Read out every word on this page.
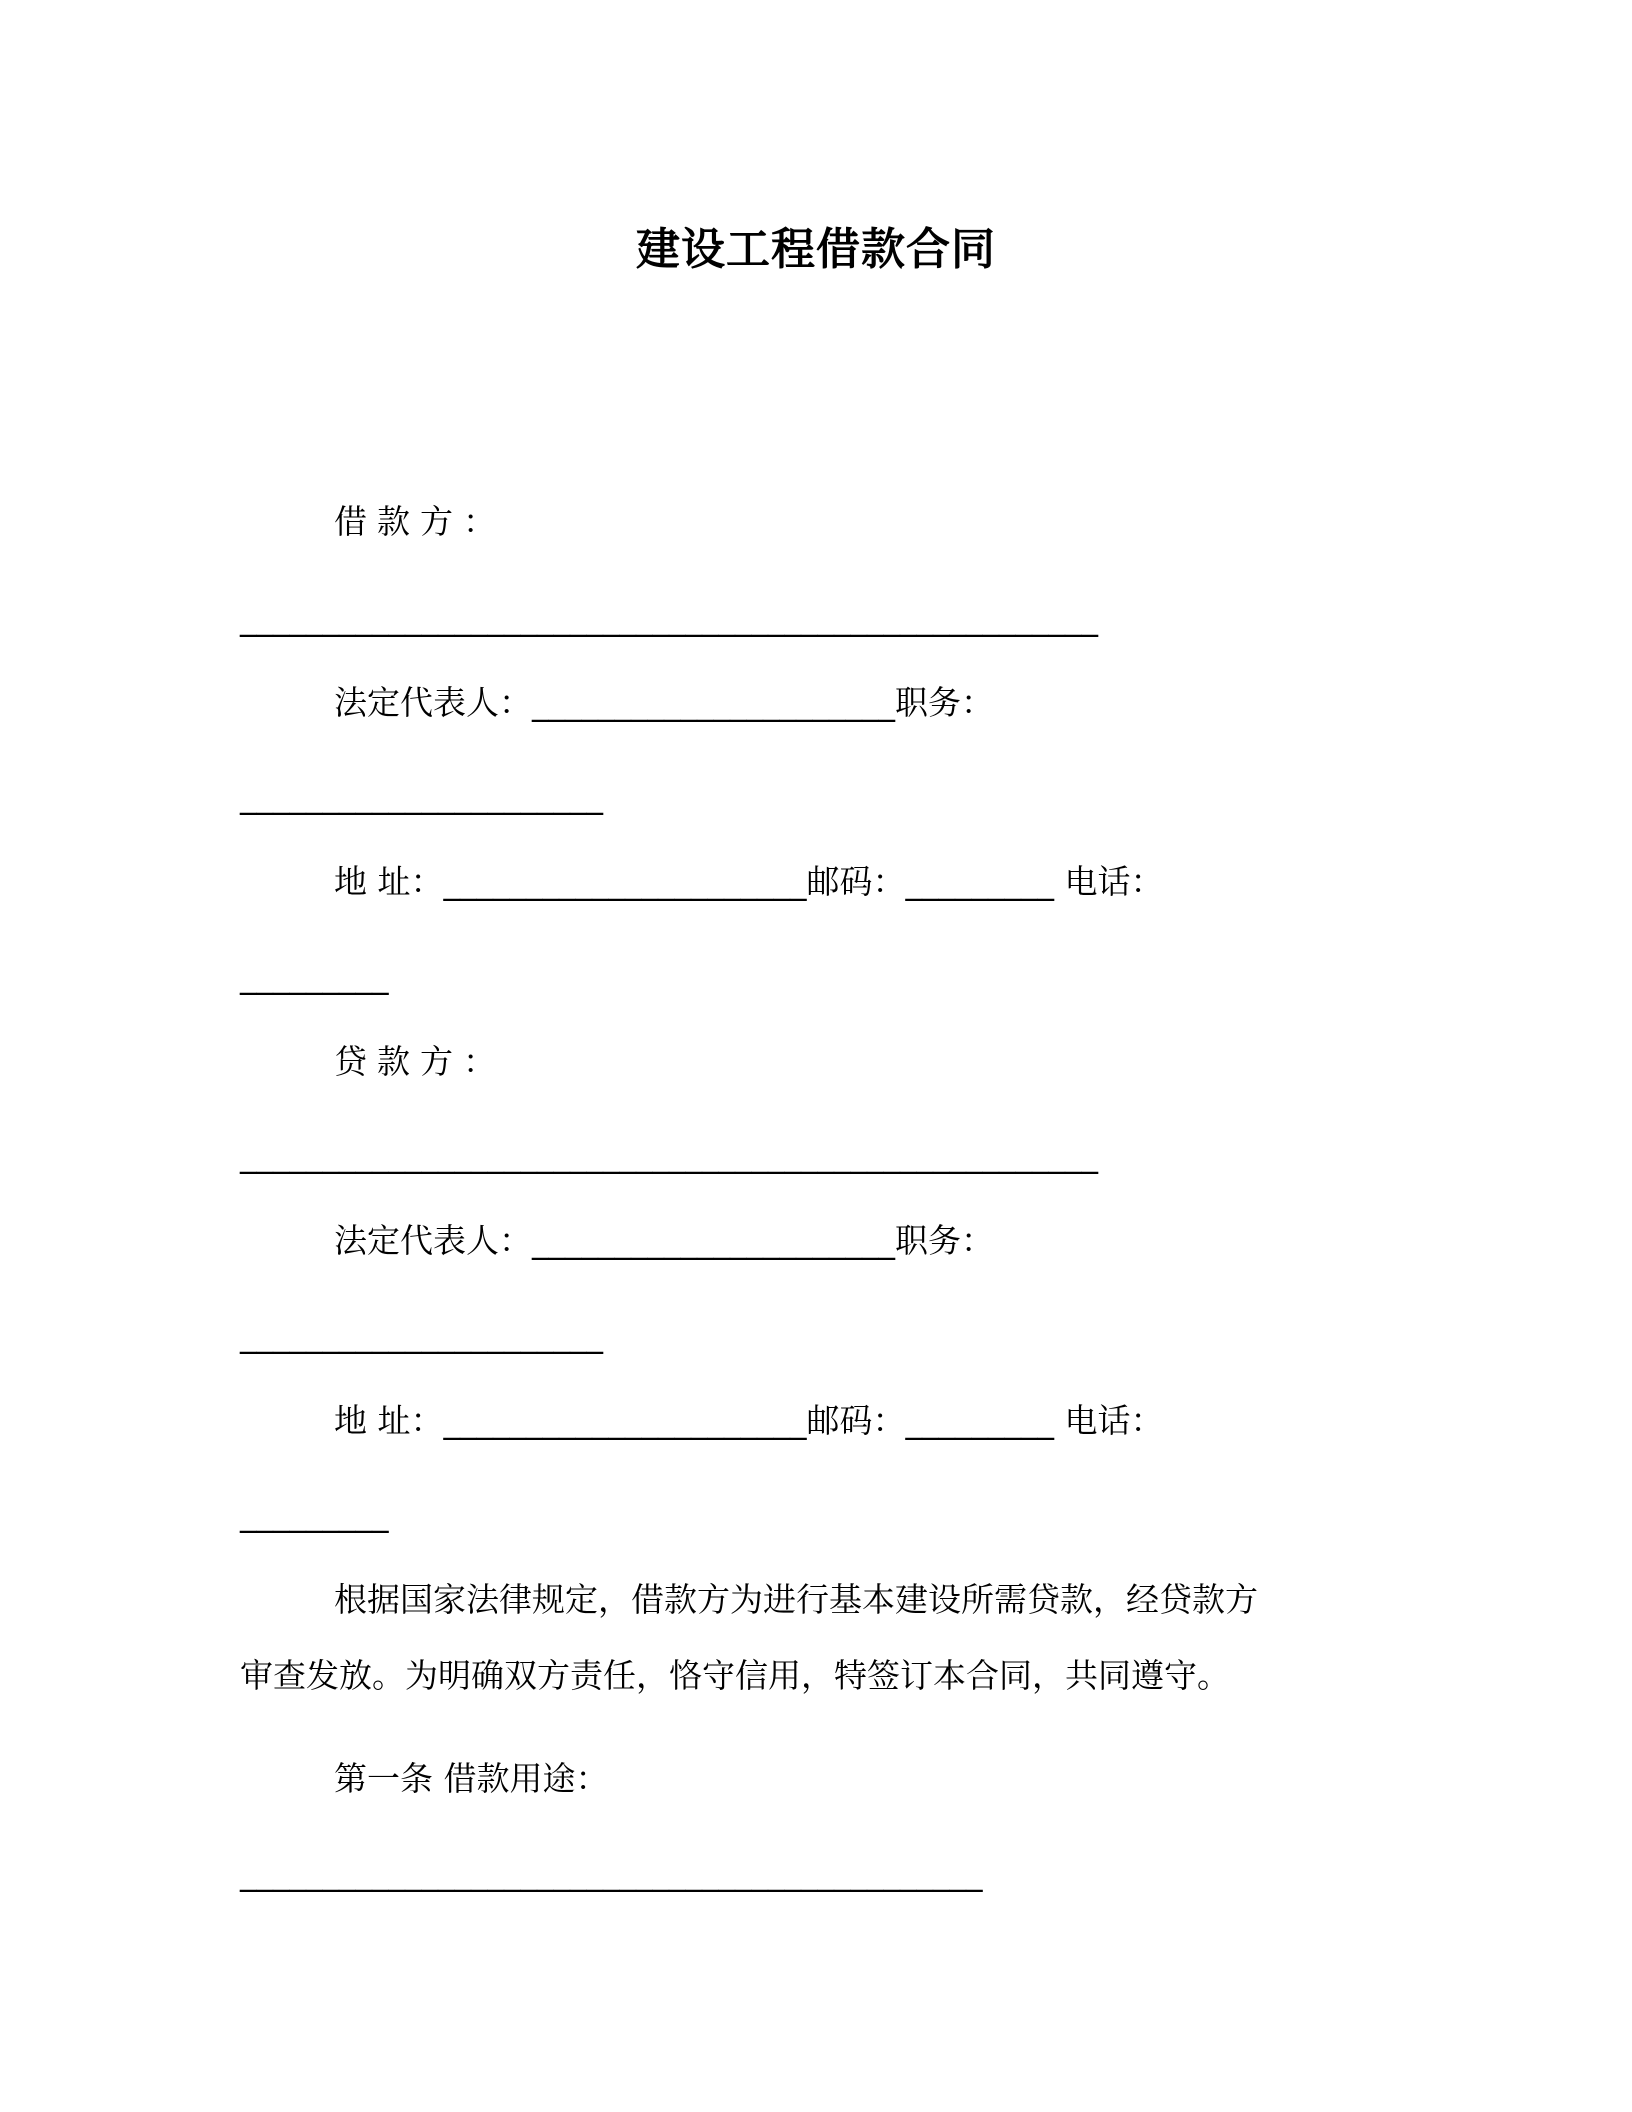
建设工程借款合同
借款方：
____________________________________________________
法定代表人：______________________职务：
______________________
地 址：______________________邮码：_________ 电话：
_________
贷款方：
____________________________________________________
法定代表人：______________________职务：
______________________
地 址：______________________邮码：_________ 电话：
_________
根据国家法律规定，借款方为进行基本建设所需贷款，经贷款方
审查发放。为明确双方责任，恪守信用，特签订本合同，共同遵守。
第一条 借款用途：
_____________________________________________
